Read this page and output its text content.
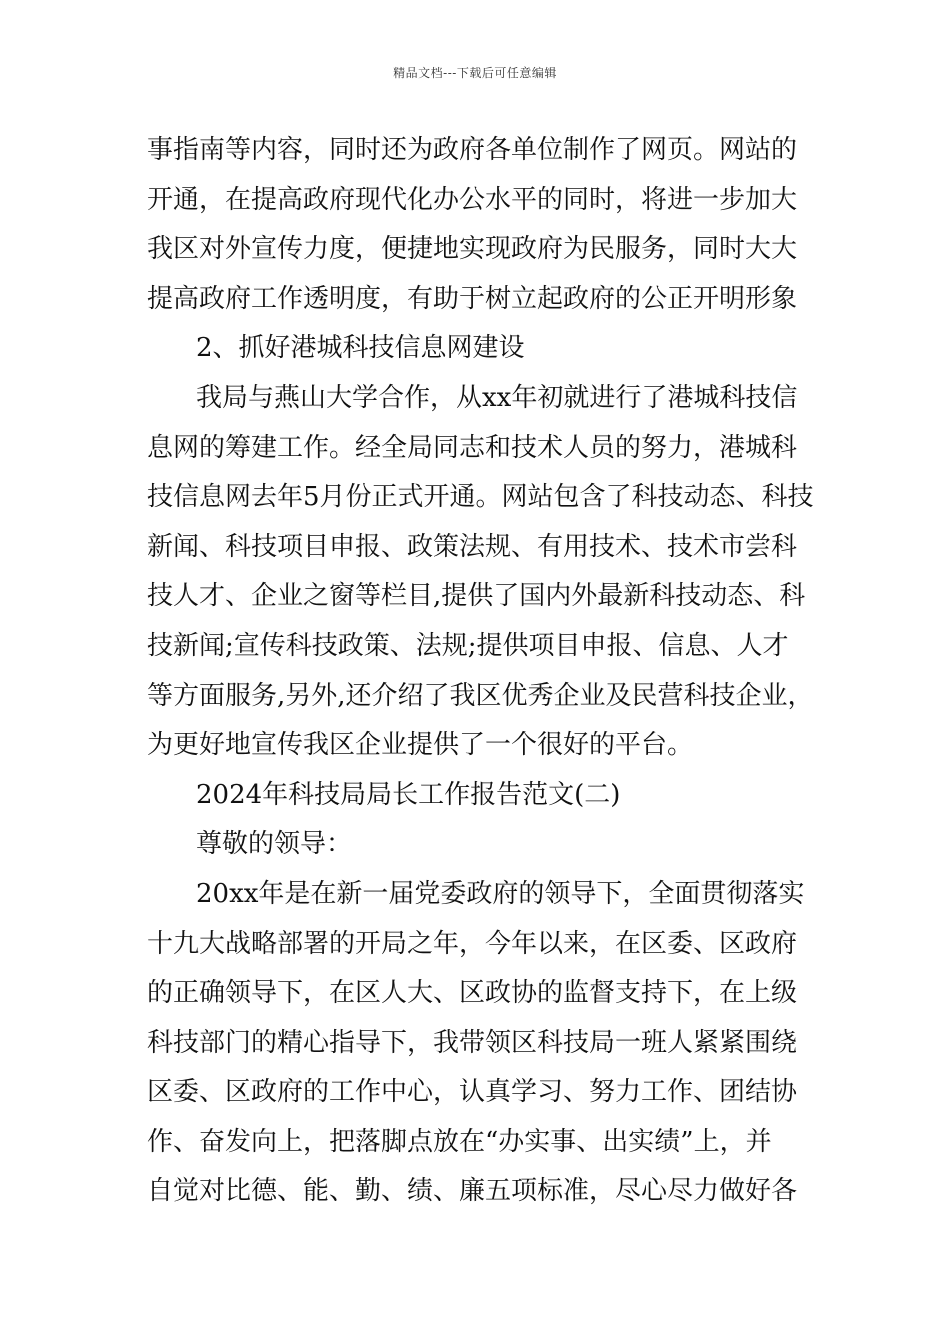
精品文档---下载后可任意编辑
事指南等内容，同时还为政府各单位制作了网页。网站的
开通，在提高政府现代化办公水平的同时，将进一步加大
我区对外宣传力度，便捷地实现政府为民服务，同时大大
提高政府工作透明度，有助于树立起政府的公正开明形象
2、抓好港城科技信息网建设
我局与燕山大学合作，从xx年初就进行了港城科技信
息网的筹建工作。经全局同志和技术人员的努力，港城科
技信息网去年5月份正式开通。网站包含了科技动态、科技
新闻、科技项目申报、政策法规、有用技术、技术市尝科
技人才、企业之窗等栏目,提供了国内外最新科技动态、科
技新闻;宣传科技政策、法规;提供项目申报、信息、人才
等方面服务,另外,还介绍了我区优秀企业及民营科技企业，
为更好地宣传我区企业提供了一个很好的平台。
2024年科技局局长工作报告范文(二)
尊敬的领导：
20xx年是在新一届党委政府的领导下，全面贯彻落实
十九大战略部署的开局之年，今年以来，在区委、区政府
的正确领导下，在区人大、区政协的监督支持下，在上级
科技部门的精心指导下，我带领区科技局一班人紧紧围绕
区委、区政府的工作中心，认真学习、努力工作、团结协
作、奋发向上，把落脚点放在“办实事、出实绩”上，并
自觉对比德、能、勤、绩、廉五项标准，尽心尽力做好各
